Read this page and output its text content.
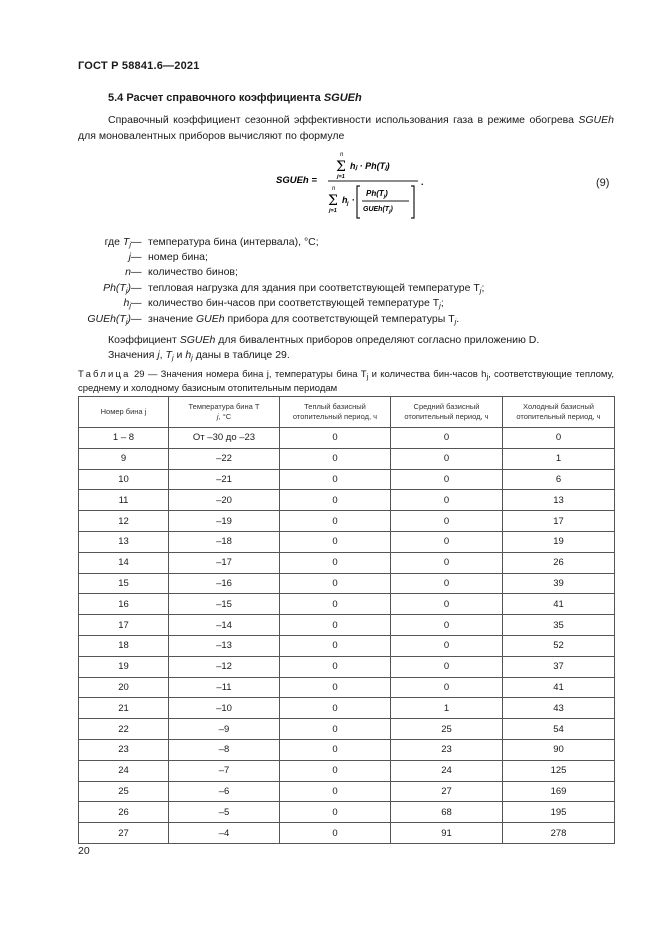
ГОСТ Р 58841.6—2021
5.4 Расчет справочного коэффициента SGUEh
Справочный коэффициент сезонной эффективности использования газа в режиме обогрева SGUEh для моновалентных приборов вычисляют по формуле
SGUEh =
n
Σ
j=1
hⱼ · Ph(Tⱼ)
n
Σ
j=1
h j ·
$Ph(T_j)$
$GUEh(T_j)$
.	(9)
где $T_j$ — температура бина (интервала), °C;
j — номер бина;
n — количество бинов;
$Ph(T_j)$ — тепловая нагрузка для здания при соответствующей температуре $T_j$;
$h_j$ — количество бин-часов при соответствующей температуре $T_j$;
$GUEh(T_j)$ — значение GUEh прибора для соответствующей температуры $T_j$.
Коэффициент SGUEh для бивалентных приборов определяют согласно приложению D.
Значения j, $T_j$ и $h_j$ даны в таблице 29.
Таблица 29 — Значения номера бина j, температуры бина $T_j$ и количества бин-часов $h_j$, соответствующие теплому, среднему и холодному базисным отопительным периодам
Номер бина j	Температура бина T
j, °C	Теплый базисный отопительный период, ч	Средний базисный отопительный период, ч	Холодный базисный отопительный период, ч
1 – 8	От –30 до –23	0	0	0
9	–22	0	0	1
10	–21	0	0	6
11	–20	0	0	13
12	–19	0	0	17
13	–18	0	0	19
14	–17	0	0	26
15	–16	0	0	39
16	–15	0	0	41
17	–14	0	0	35
18	–13	0	0	52
19	–12	0	0	37
20	–11	0	0	41
21	–10	0	1	43
22	–9	0	25	54
23	–8	0	23	90
24	–7	0	24	125
25	–6	0	27	169
26	–5	0	68	195
27	–4	0	91	278
20
